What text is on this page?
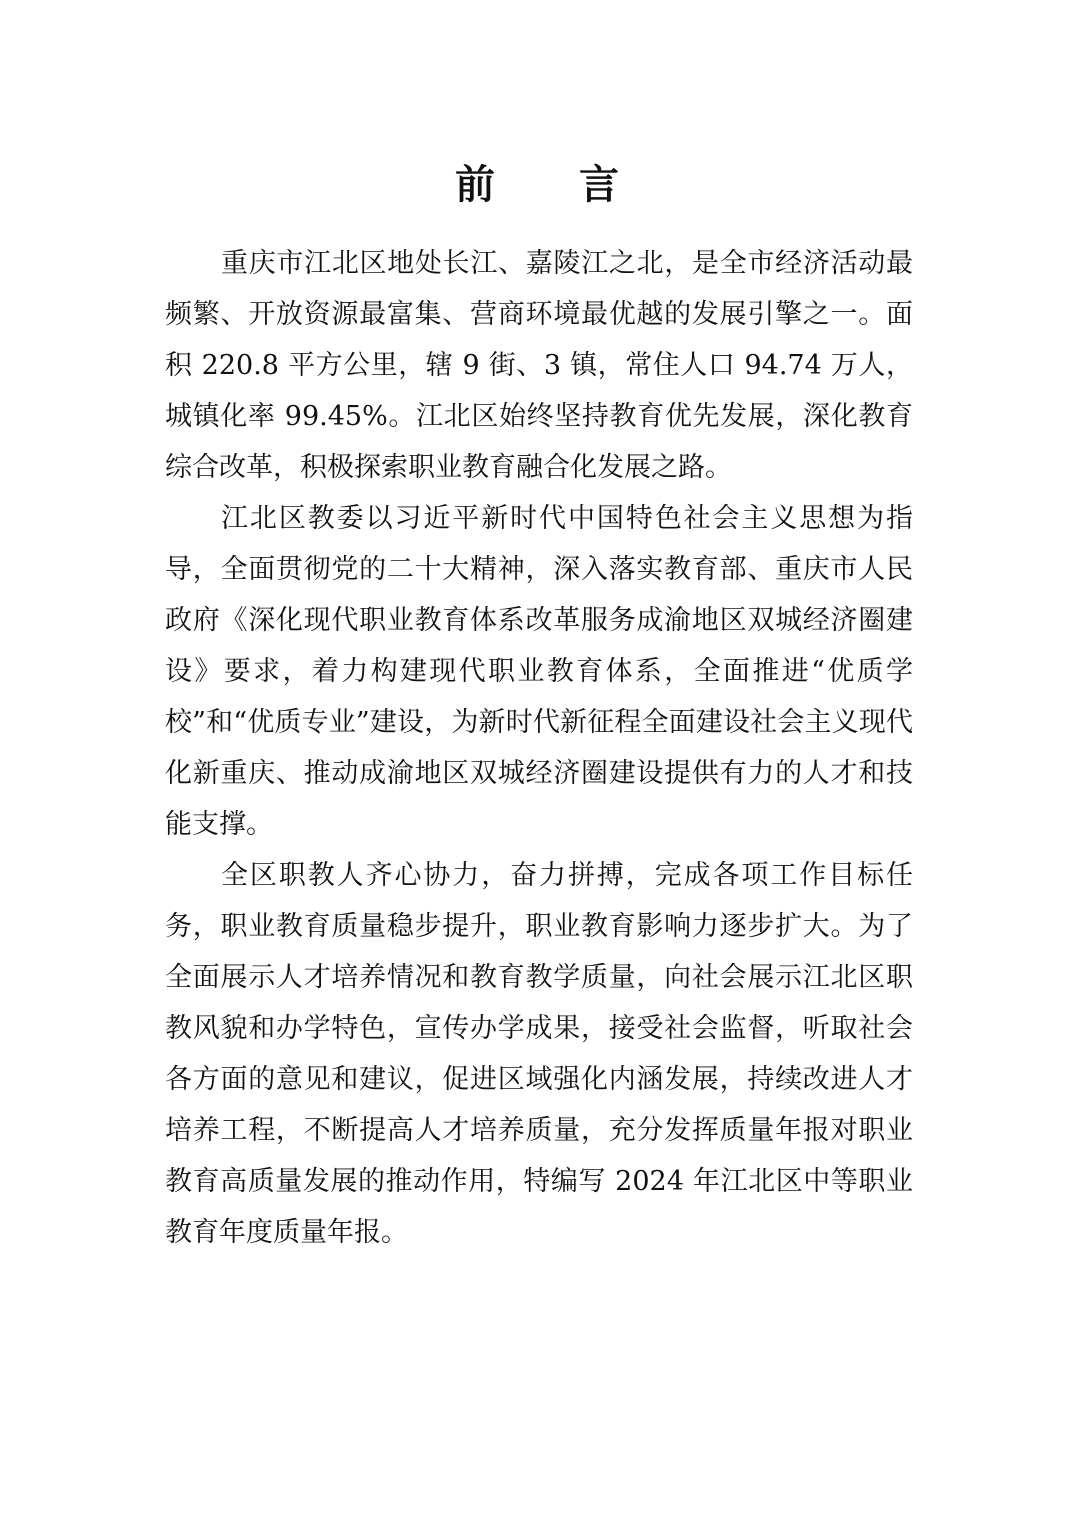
前 言

重庆市江北区地处长江、嘉陵江之北，是全市经济活动最频繁、开放资源最富集、营商环境最优越的发展引擎之一。面积 220.8 平方公里，辖 9 街、3 镇，常住人口 94.74 万人，城镇化率 99.45%。江北区始终坚持教育优先发展，深化教育综合改革，积极探索职业教育融合化发展之路。

江北区教委以习近平新时代中国特色社会主义思想为指导，全面贯彻党的二十大精神，深入落实教育部、重庆市人民政府《深化现代职业教育体系改革服务成渝地区双城经济圈建设》要求，着力构建现代职业教育体系，全面推进“优质学校”和“优质专业”建设，为新时代新征程全面建设社会主义现代化新重庆、推动成渝地区双城经济圈建设提供有力的人才和技能支撑。

全区职教人齐心协力，奋力拼搏，完成各项工作目标任务，职业教育质量稳步提升，职业教育影响力逐步扩大。为了全面展示人才培养情况和教育教学质量，向社会展示江北区职教风貌和办学特色，宣传办学成果，接受社会监督，听取社会各方面的意见和建议，促进区域强化内涵发展，持续改进人才培养工程，不断提高人才培养质量，充分发挥质量年报对职业教育高质量发展的推动作用，特编写 2024 年江北区中等职业教育年度质量年报。
